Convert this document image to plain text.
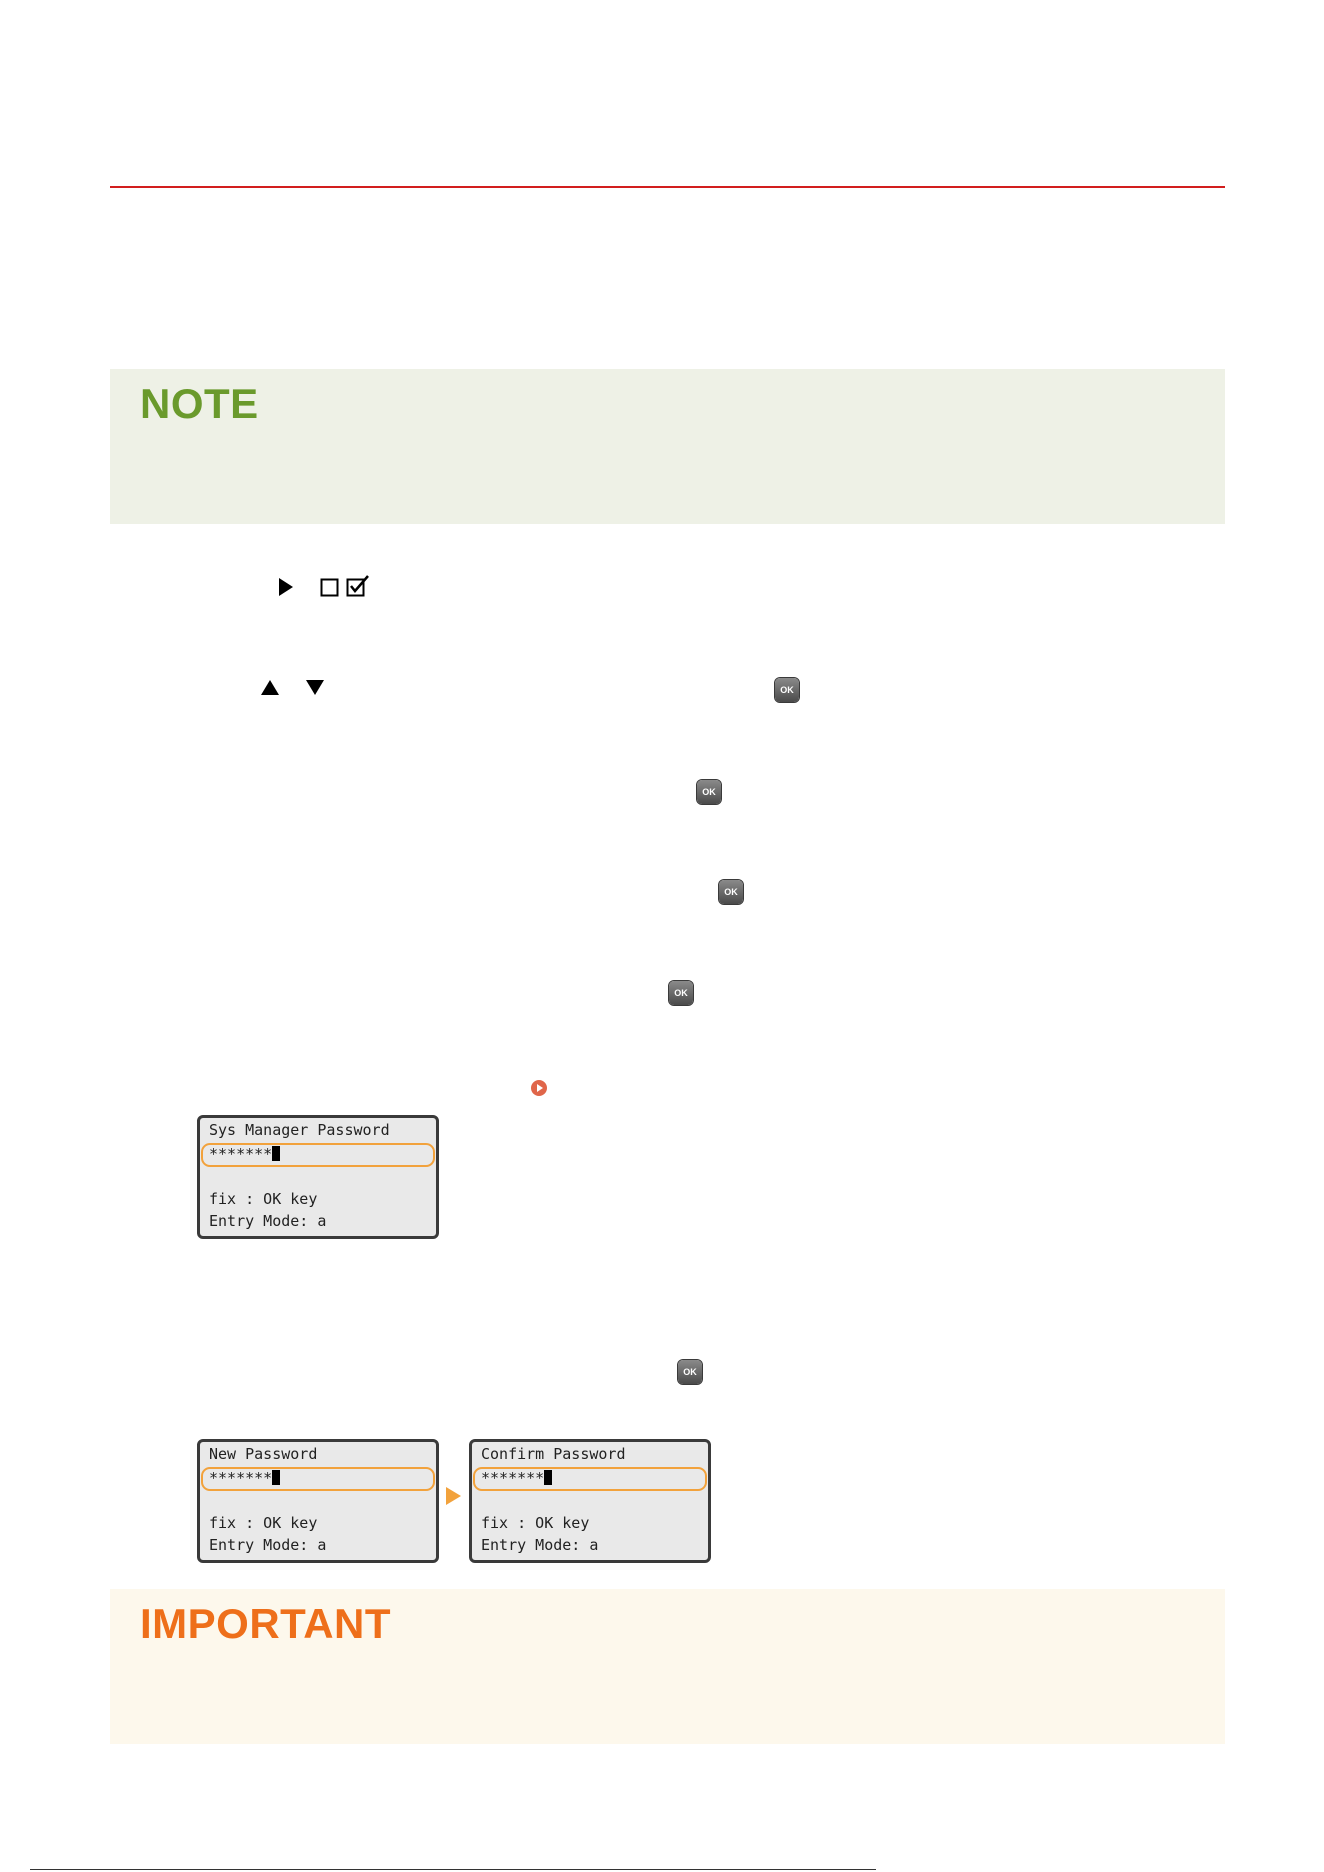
NOTE
OK
OK
OK
OK
Sys Manager Password
*******
fix : OK key
Entry Mode: a
OK
New Password
*******
fix : OK key
Entry Mode: a
Confirm Password
*******
fix : OK key
Entry Mode: a
IMPORTANT
